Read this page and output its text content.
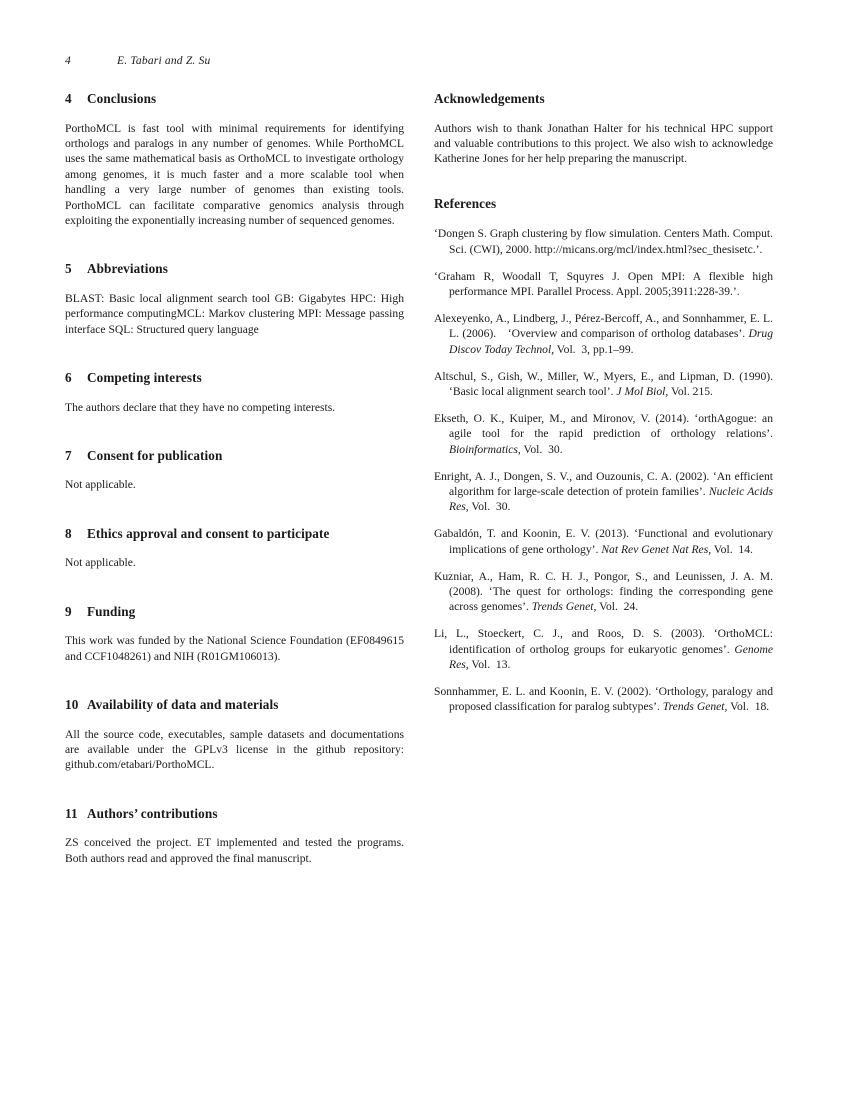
4	E. Tabari and Z. Su
4 Conclusions

PorthoMCL is fast tool with minimal requirements for identifying orthologs and paralogs in any number of genomes. While PorthoMCL uses the same mathematical basis as OrthoMCL to investigate orthology among genomes, it is much faster and a more scalable tool when handling a very large number of genomes than existing tools. PorthoMCL can facilitate comparative genomics analysis through exploiting the exponentially increasing number of sequenced genomes.

5 Abbreviations

BLAST: Basic local alignment search tool GB: Gigabytes HPC: High performance computingMCL: Markov clustering MPI: Message passing interface SQL: Structured query language

6 Competing interests

The authors declare that they have no competing interests.

7 Consent for publication

Not applicable.

8 Ethics approval and consent to participate

Not applicable.

9 Funding

This work was funded by the National Science Foundation (EF0849615 and CCF1048261) and NIH (R01GM106013).

10 Availability of data and materials

All the source code, executables, sample datasets and documentations are available under the GPLv3 license in the github repository: github.com/etabari/PorthoMCL.

11 Authors’ contributions

ZS conceived the project. ET implemented and tested the programs. Both authors read and approved the final manuscript.

Acknowledgements

Authors wish to thank Jonathan Halter for his technical HPC support and valuable contributions to this project. We also wish to acknowledge Katherine Jones for her help preparing the manuscript.

References

‘Dongen S. Graph clustering by flow simulation. Centers Math. Comput. Sci. (CWI), 2000. http://micans.org/mcl/index.html?sec_thesisetc.’.

‘Graham R, Woodall T, Squyres J. Open MPI: A flexible high performance MPI. Parallel Process. Appl. 2005;3911:228-39.’.

Alexeyenko, A., Lindberg, J., Pérez-Bercoff, A., and Sonnhammer, E. L. L. (2006). ‘Overview and comparison of ortholog databases’. Drug Discov Today Technol, Vol. 3, pp.1–99.

Altschul, S., Gish, W., Miller, W., Myers, E., and Lipman, D. (1990). ‘Basic local alignment search tool’. J Mol Biol, Vol. 215.

Ekseth, O. K., Kuiper, M., and Mironov, V. (2014). ‘orthAgogue: an agile tool for the rapid prediction of orthology relations’. Bioinformatics, Vol. 30.

Enright, A. J., Dongen, S. V., and Ouzounis, C. A. (2002). ‘An efficient algorithm for large-scale detection of protein families’. Nucleic Acids Res, Vol. 30.

Gabaldón, T. and Koonin, E. V. (2013). ‘Functional and evolutionary implications of gene orthology’. Nat Rev Genet Nat Res, Vol. 14.

Kuzniar, A., Ham, R. C. H. J., Pongor, S., and Leunissen, J. A. M. (2008). ‘The quest for orthologs: finding the corresponding gene across genomes’. Trends Genet, Vol. 24.

Li, L., Stoeckert, C. J., and Roos, D. S. (2003). ‘OrthoMCL: identification of ortholog groups for eukaryotic genomes’. Genome Res, Vol. 13.

Sonnhammer, E. L. and Koonin, E. V. (2002). ‘Orthology, paralogy and proposed classification for paralog subtypes’. Trends Genet, Vol. 18.
